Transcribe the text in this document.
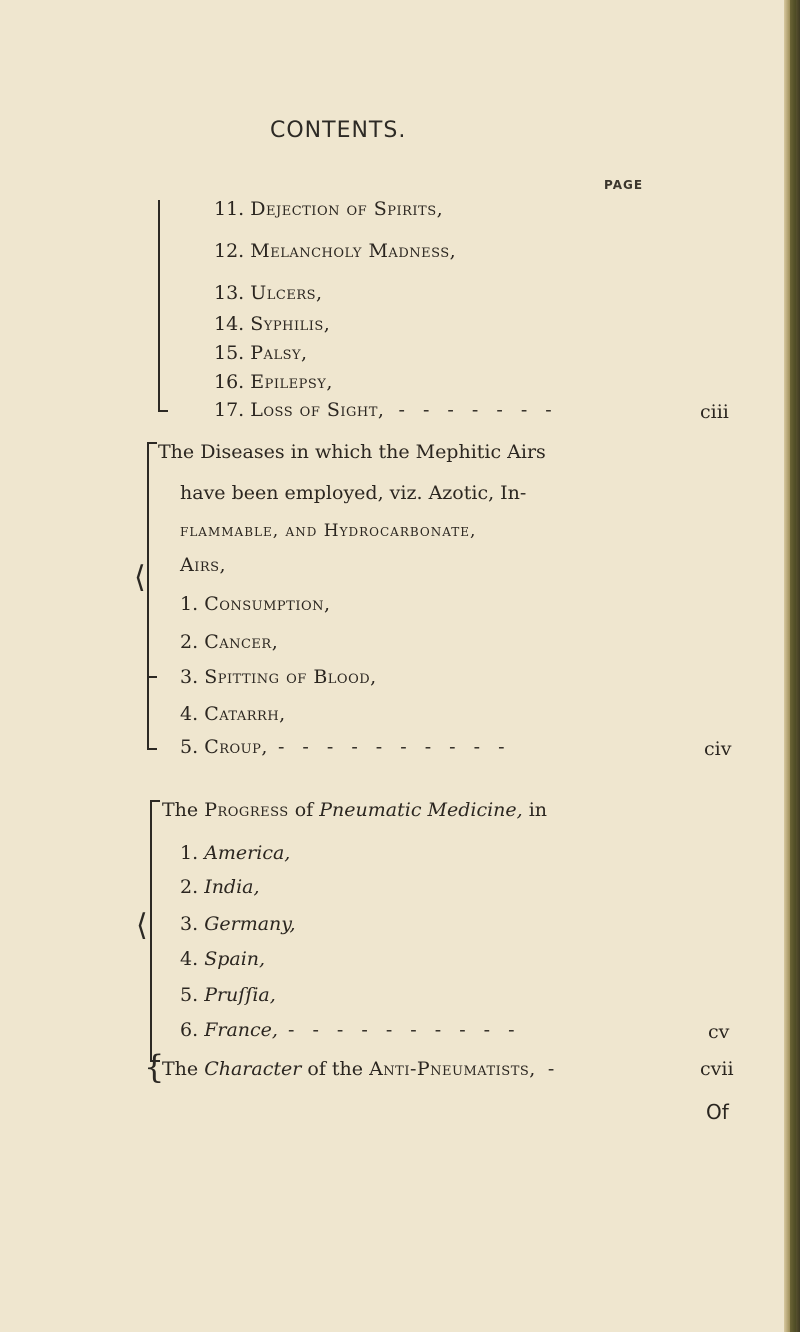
CONTENTS.
PAGE
11. Dejection of Spirits,
12. Melancholy Madness,
13. Ulcers,
14. Syphilis,
15. Palsy,
16. Epilepsy,
17. Loss of Sight, - - - - - - -	ciii
⟨
The Diseases in which the Mephitic Airs
have been employed, viz. Azotic, In-
flammable, and Hydrocarbonate,
Airs,
1. Consumption,
2. Cancer,
3. Spitting of Blood,
4. Catarrh,
5. Croup, - - - - - - - - - -	civ
⟨
The Progress of Pneumatic Medicine, in
1. America,
2. India,
3. Germany,
4. Spain,
5. Pruſſia,
6. France, - - - - - - - - - -	cv
{
The Character of the Anti-Pneumatists, -	cvii
Of
